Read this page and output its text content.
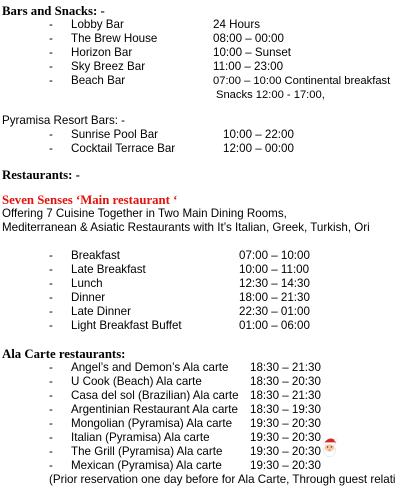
Bars and Snacks: -
-	Lobby Bar	24 Hours
-	The Brew House	08:00 – 00:00
-	Horizon Bar	10:00 – Sunset
-	Sky Breez Bar	11:00 – 23:00
-	Beach Bar	07:00 – 10:00 Continental breakfast
Snacks 12:00 - 17:00,
Pyramisa Resort Bars: -
-	Sunrise Pool Bar	10:00 – 22:00
-	Cocktail Terrace Bar	12:00 – 00:00
Restaurants: -
Seven Senses ‘Main restaurant ‘
Offering 7 Cuisine Together in Two Main Dining Rooms,
Mediterranean & Asiatic Restaurants with It’s Italian, Greek, Turkish, Ori
-	Breakfast	07:00 – 10:00
-	Late Breakfast	10:00 – 11:00
-	Lunch	12:30 – 14:30
-	Dinner	18:00 – 21:30
-	Late Dinner	22:30 – 01:00
-	Light Breakfast Buffet	01:00 – 06:00
Ala Carte restaurants:
-	Angel’s and Demon’s Ala carte 18:30 – 21:30
-	U Cook (Beach) Ala carte	18:30 – 20:30
-	Casa del sol (Brazilian) Ala carte 18:30 – 21:30
-	Argentinian Restaurant Ala carte 18:30 – 19:30
-	Mongolian (Pyramisa) Ala carte 19:30 – 20:30
-	Italian (Pyramisa) Ala carte	19:30 – 20:30
-	The Grill (Pyramisa) Ala carte 19:30 – 20:30
-	Mexican (Pyramisa) Ala carte 19:30 – 20:30
(Prior reservation one day before for Ala Carte, Through guest relati
